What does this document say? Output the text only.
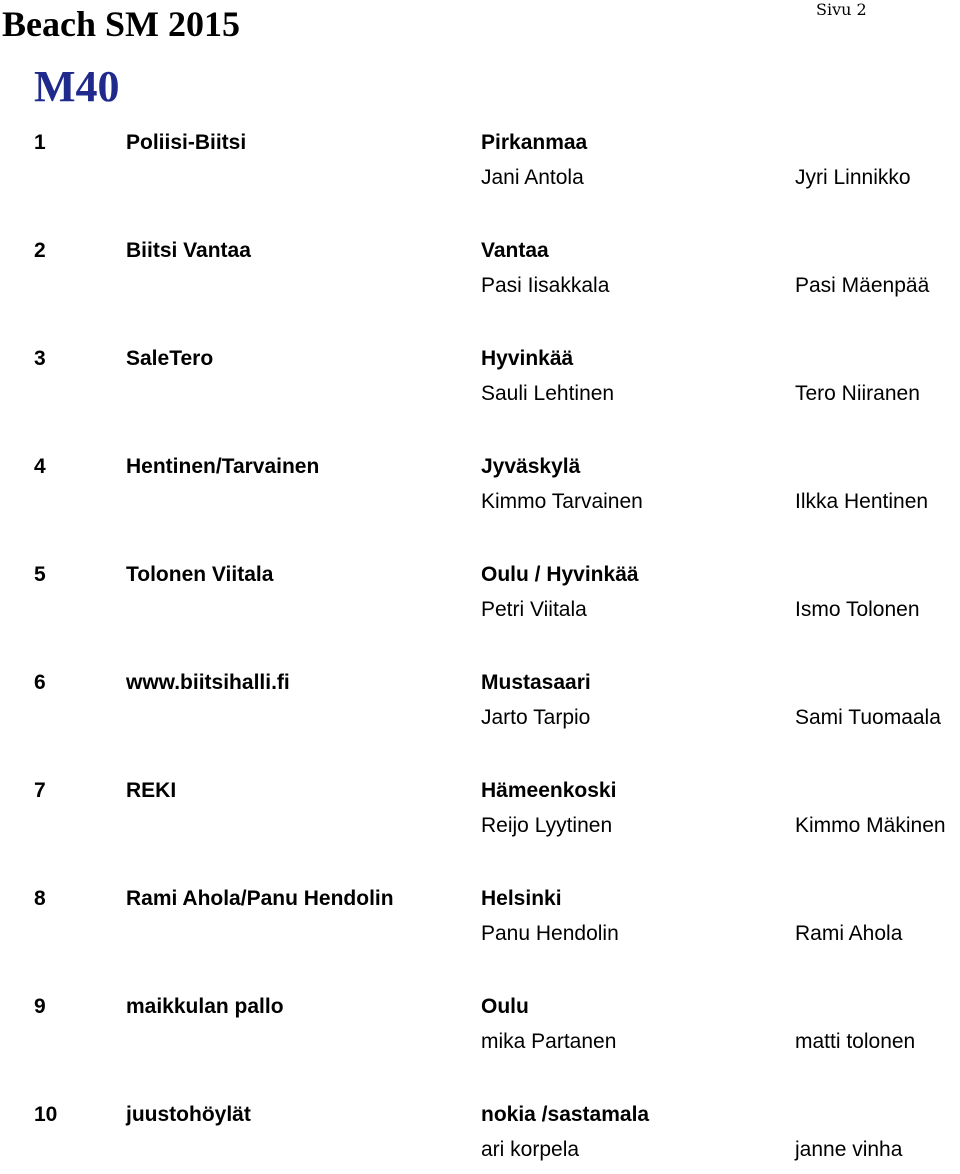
Beach SM 2015	Sivu 2
M40
1	Poliisi-Biitsi	Pirkanmaa
Jani Antola	Jyri Linnikko
2	Biitsi Vantaa	Vantaa
Pasi Iisakkala	Pasi Mäenpää
3	SaleTero	Hyvinkää
Sauli Lehtinen	Tero Niiranen
4	Hentinen/Tarvainen	Jyväskylä
Kimmo Tarvainen	Ilkka Hentinen
5	Tolonen Viitala	Oulu / Hyvinkää
Petri Viitala	Ismo Tolonen
6	www.biitsihalli.fi	Mustasaari
Jarto Tarpio	Sami Tuomaala
7	REKI	Hämeenkoski
Reijo Lyytinen	Kimmo Mäkinen
8	Rami Ahola/Panu Hendolin	Helsinki
Panu Hendolin	Rami Ahola
9	maikkulan pallo	Oulu
mika Partanen	matti tolonen
10	juustohöylät	nokia /sastamala
ari korpela	janne vinha
